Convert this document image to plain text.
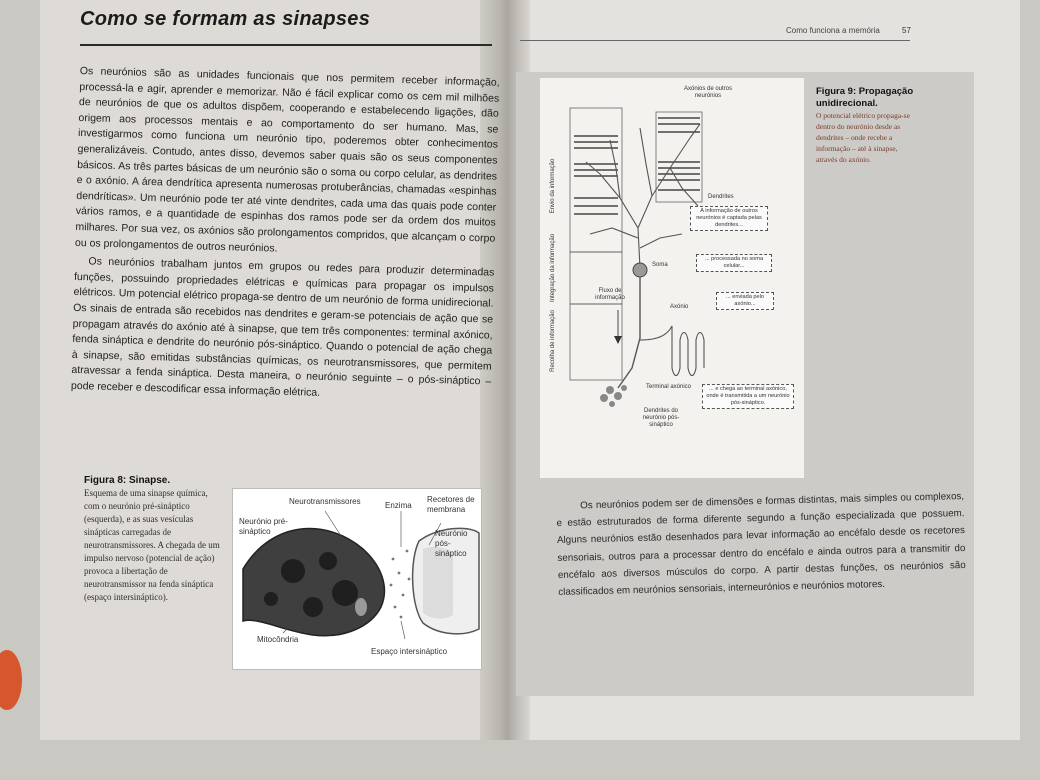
Como se formam as sinapses

Os neurónios são as unidades funcionais que nos permitem receber informação, processá-la e agir, aprender e memorizar. Não é fácil explicar como os cem mil milhões de neurónios de que os adultos dispõem, cooperando e estabelecendo ligações, dão origem aos processos mentais e ao comportamento do ser humano. Mas, se investigarmos como funciona um neurónio tipo, poderemos obter conhecimentos generalizáveis. Contudo, antes disso, devemos saber quais são os seus componentes básicos. As três partes básicas de um neurónio são o soma ou corpo celular, as dendrites e o axónio. A área dendrítica apresenta numerosas protuberâncias, chamadas «espinhas dendríticas». Um neurónio pode ter até vinte dendrites, cada uma das quais pode conter vários ramos, e a quantidade de espinhas dos ramos pode ser da ordem dos muitos milhares. Por sua vez, os axónios são prolongamentos compridos, que alcançam o corpo ou os prolongamentos de outros neurónios.

Os neurónios trabalham juntos em grupos ou redes para produzir determinadas funções, possuindo propriedades elétricas e químicas para propagar os impulsos elétricos. Um potencial elétrico propaga-se dentro de um neurónio de forma unidirecional. Os sinais de entrada são recebidos nas dendrites e geram-se potenciais de ação que se propagam através do axónio até à sinapse, que tem três componentes: terminal axónico, fenda sináptica e dendrite do neurónio pós-sináptico. Quando o potencial de ação chega à sinapse, são emitidas substâncias químicas, os neurotransmissores, que permitem atravessar a fenda sináptica. Desta maneira, o neurónio seguinte – o pós-sináptico – pode receber e descodificar essa informação elétrica.

Figura 8: Sinapse.
Esquema de uma sinapse química, com o neurónio pré-sináptico (esquerda), e as suas vesículas sinápticas carregadas de neurotransmissores. A chegada de um impulso nervoso (potencial de ação) provoca a libertação de neurotransmissor na fenda sináptica (espaço intersináptico).
Neurotransmissores	Enzima
Recetores de membrana
Neurónio pré-sináptico	Neurónio pós-sináptico
Mitocôndria
Espaço intersináptico
Como funciona a memória	57
Axónios de outros neurónios
Dendrites
Soma
Fluxo de informação
Axónio
Terminal axónico
Dendrites do neurónio pós-sináptico
Envio da informação
Integração da informação
Recolha de informação
A informação de outros neurónios é captada pelas dendrites...
... processada no soma celular...
... enviada pelo axónio...
... e chega ao terminal axónico, onde é transmitida a um neurónio pós-sináptico.
Figura 9: Propagação unidirecional.
O potencial elétrico propaga-se dentro do neurónio desde as dendrites – onde recebe a informação – até à sinapse, através do axónio.

Os neurónios podem ser de dimensões e formas distintas, mais simples ou complexos, e estão estruturados de forma diferente segundo a função especializada que possuem. Alguns neurónios estão desenhados para levar informação ao encéfalo desde os recetores sensoriais, outros para a processar dentro do encéfalo e ainda outros para a transmitir do encéfalo aos diversos músculos do corpo. A partir destas funções, os neurónios são classificados em neurónios sensoriais, interneurónios e neurónios motores.
